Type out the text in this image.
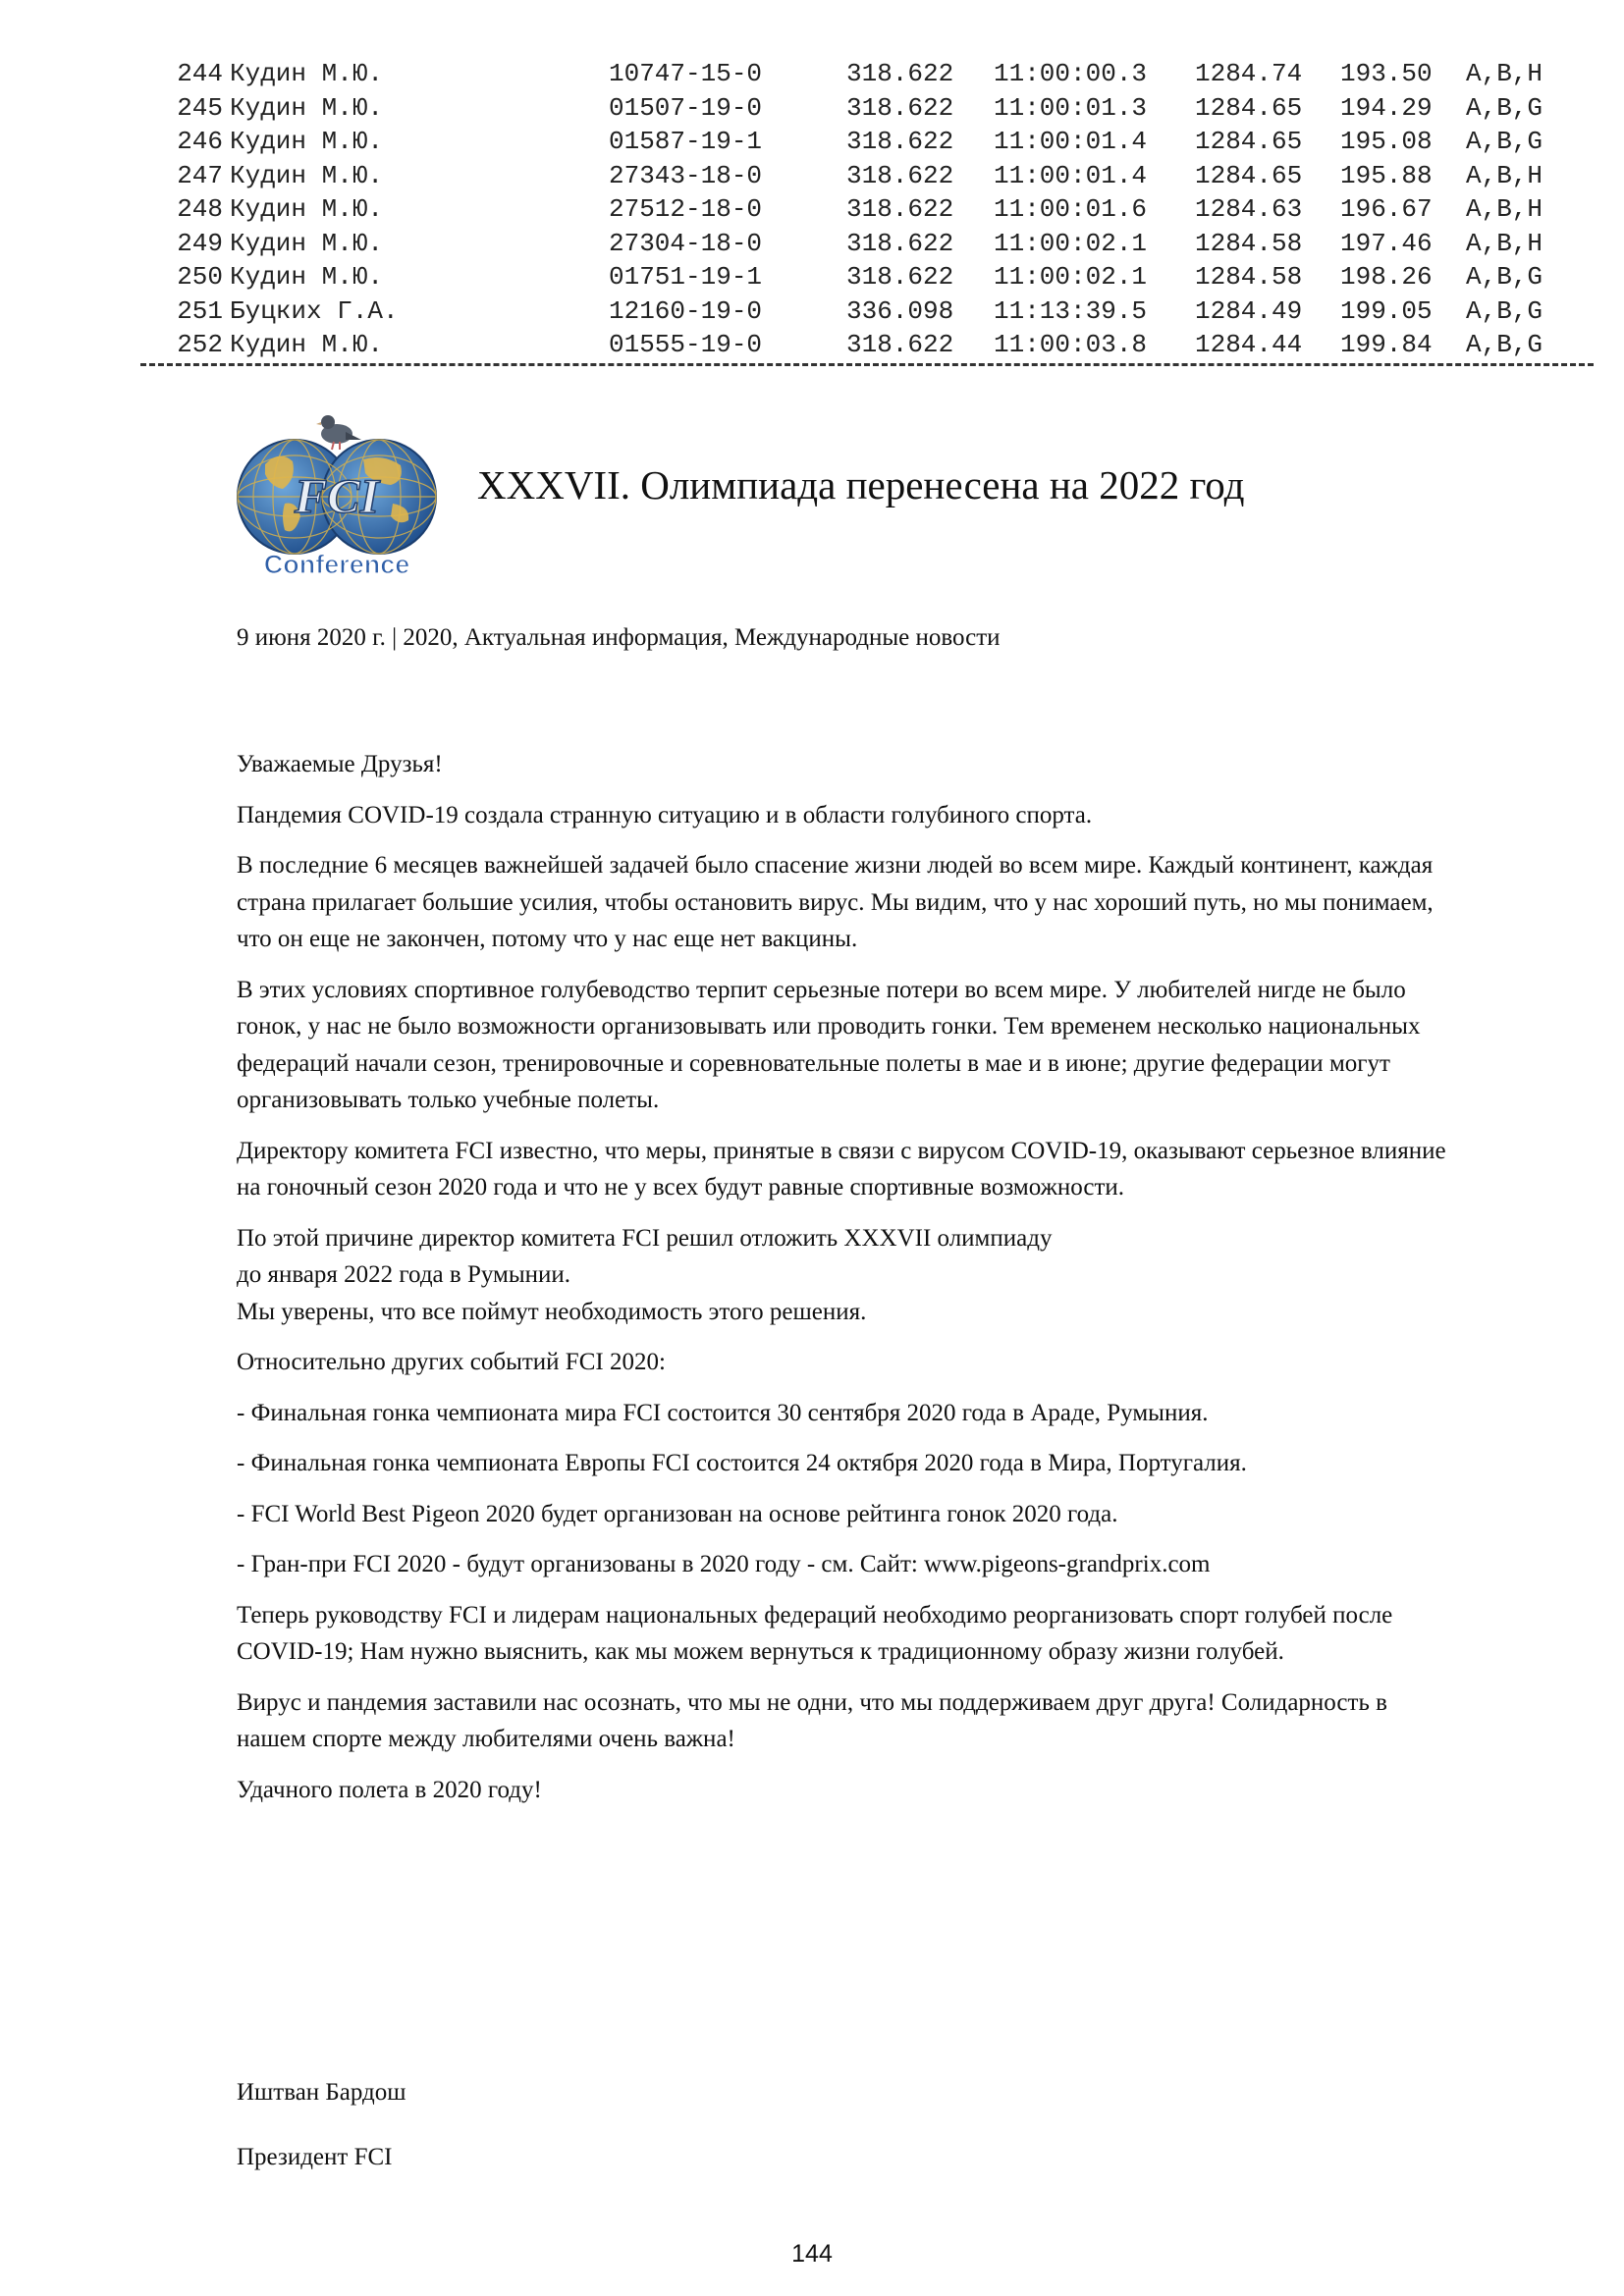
244 Кудин М.Ю.	10747-15-0	318.622 11:00:00.3 1284.74 193.50 A,B,H
245 Кудин М.Ю.	01507-19-0	318.622 11:00:01.3 1284.65 194.29 A,B,G
246 Кудин М.Ю.	01587-19-1	318.622 11:00:01.4 1284.65 195.08 A,B,G
247 Кудин М.Ю.	27343-18-0	318.622 11:00:01.4 1284.65 195.88 A,B,H
248 Кудин М.Ю.	27512-18-0	318.622 11:00:01.6 1284.63 196.67 A,B,H
249 Кудин М.Ю.	27304-18-0	318.622 11:00:02.1 1284.58 197.46 A,B,H
250 Кудин М.Ю.	01751-19-1	318.622 11:00:02.1 1284.58 198.26 A,B,G
251 Буцких Г.А.	12160-19-0	336.098 11:13:39.5 1284.49 199.05 A,B,G
252 Кудин М.Ю.	01555-19-0	318.622 11:00:03.8 1284.44 199.84 A,B,G
FCI
Conference
XXXVII. Олимпиада перенесена на 2022 год
9 июня 2020 г. | 2020, Актуальная информация, Международные новости

Уважаемые Друзья!

Пандемия COVID-19 создала странную ситуацию и в области голубиного спорта.

В последние 6 месяцев важнейшей задачей было спасение жизни людей во всем мире. Каждый континент, каждая страна прилагает большие усилия, чтобы остановить вирус. Мы видим, что у нас хороший путь, но мы понимаем, что он еще не закончен, потому что у нас еще нет вакцины.

В этих условиях спортивное голубеводство терпит серьезные потери во всем мире. У любителей нигде не было гонок, у нас не было возможности организовывать или проводить гонки. Тем временем несколько национальных федераций начали сезон, тренировочные и соревновательные полеты в мае и в июне; другие федерации могут организовывать только учебные полеты.

Директору комитета FCI известно, что меры, принятые в связи с вирусом COVID-19, оказывают серьезное влияние на гоночный сезон 2020 года и что не у всех будут равные спортивные возможности.

По этой причине директор комитета FCI решил отложить XXXVII олимпиаду
до января 2022 года в Румынии.
Мы уверены, что все поймут необходимость этого решения.

Относительно других событий FCI 2020:

- Финальная гонка чемпионата мира FCI состоится 30 сентября 2020 года в Араде, Румыния.

- Финальная гонка чемпионата Европы FCI состоится 24 октября 2020 года в Мира, Португалия.

- FCI World Best Pigeon 2020 будет организован на основе рейтинга гонок 2020 года.

- Гран-при FCI 2020 - будут организованы в 2020 году - см. Сайт: www.pigeons-grandprix.com

Теперь руководству FCI и лидерам национальных федераций необходимо реорганизовать спорт голубей после COVID-19; Нам нужно выяснить, как мы можем вернуться к традиционному образу жизни голубей.

Вирус и пандемия заставили нас осознать, что мы не одни, что мы поддерживаем друг друга! Солидарность в нашем спорте между любителями очень важна!

Удачного полета в 2020 году!

Иштван Бардош
Президент FCI
144
